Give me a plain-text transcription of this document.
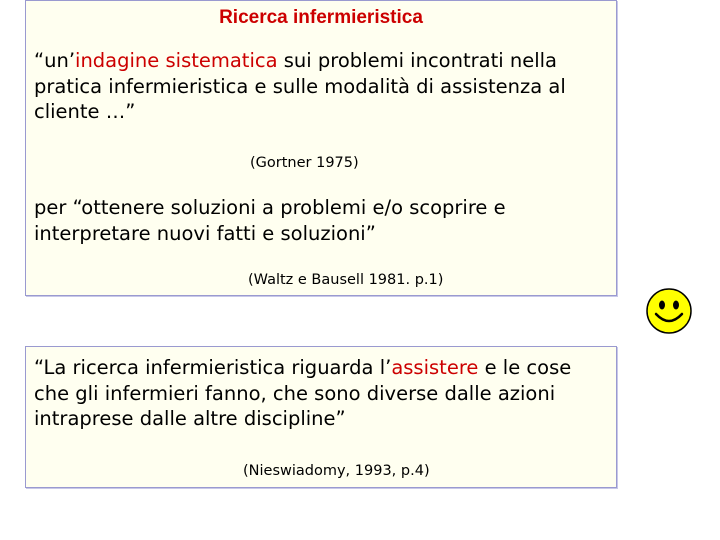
Ricerca infermieristica
“un’indagine sistematica sui problemi incontrati nella pratica infermieristica e sulle modalità di assistenza al cliente …”
(Gortner 1975)
per “ottenere soluzioni a problemi e/o scoprire e interpretare nuovi fatti e soluzioni”
(Waltz e Bausell 1981. p.1)
“La ricerca infermieristica riguarda l’assistere e le cose che gli infermieri fanno, che sono diverse dalle azioni intraprese dalle altre discipline”
(Nieswiadomy, 1993, p.4)
